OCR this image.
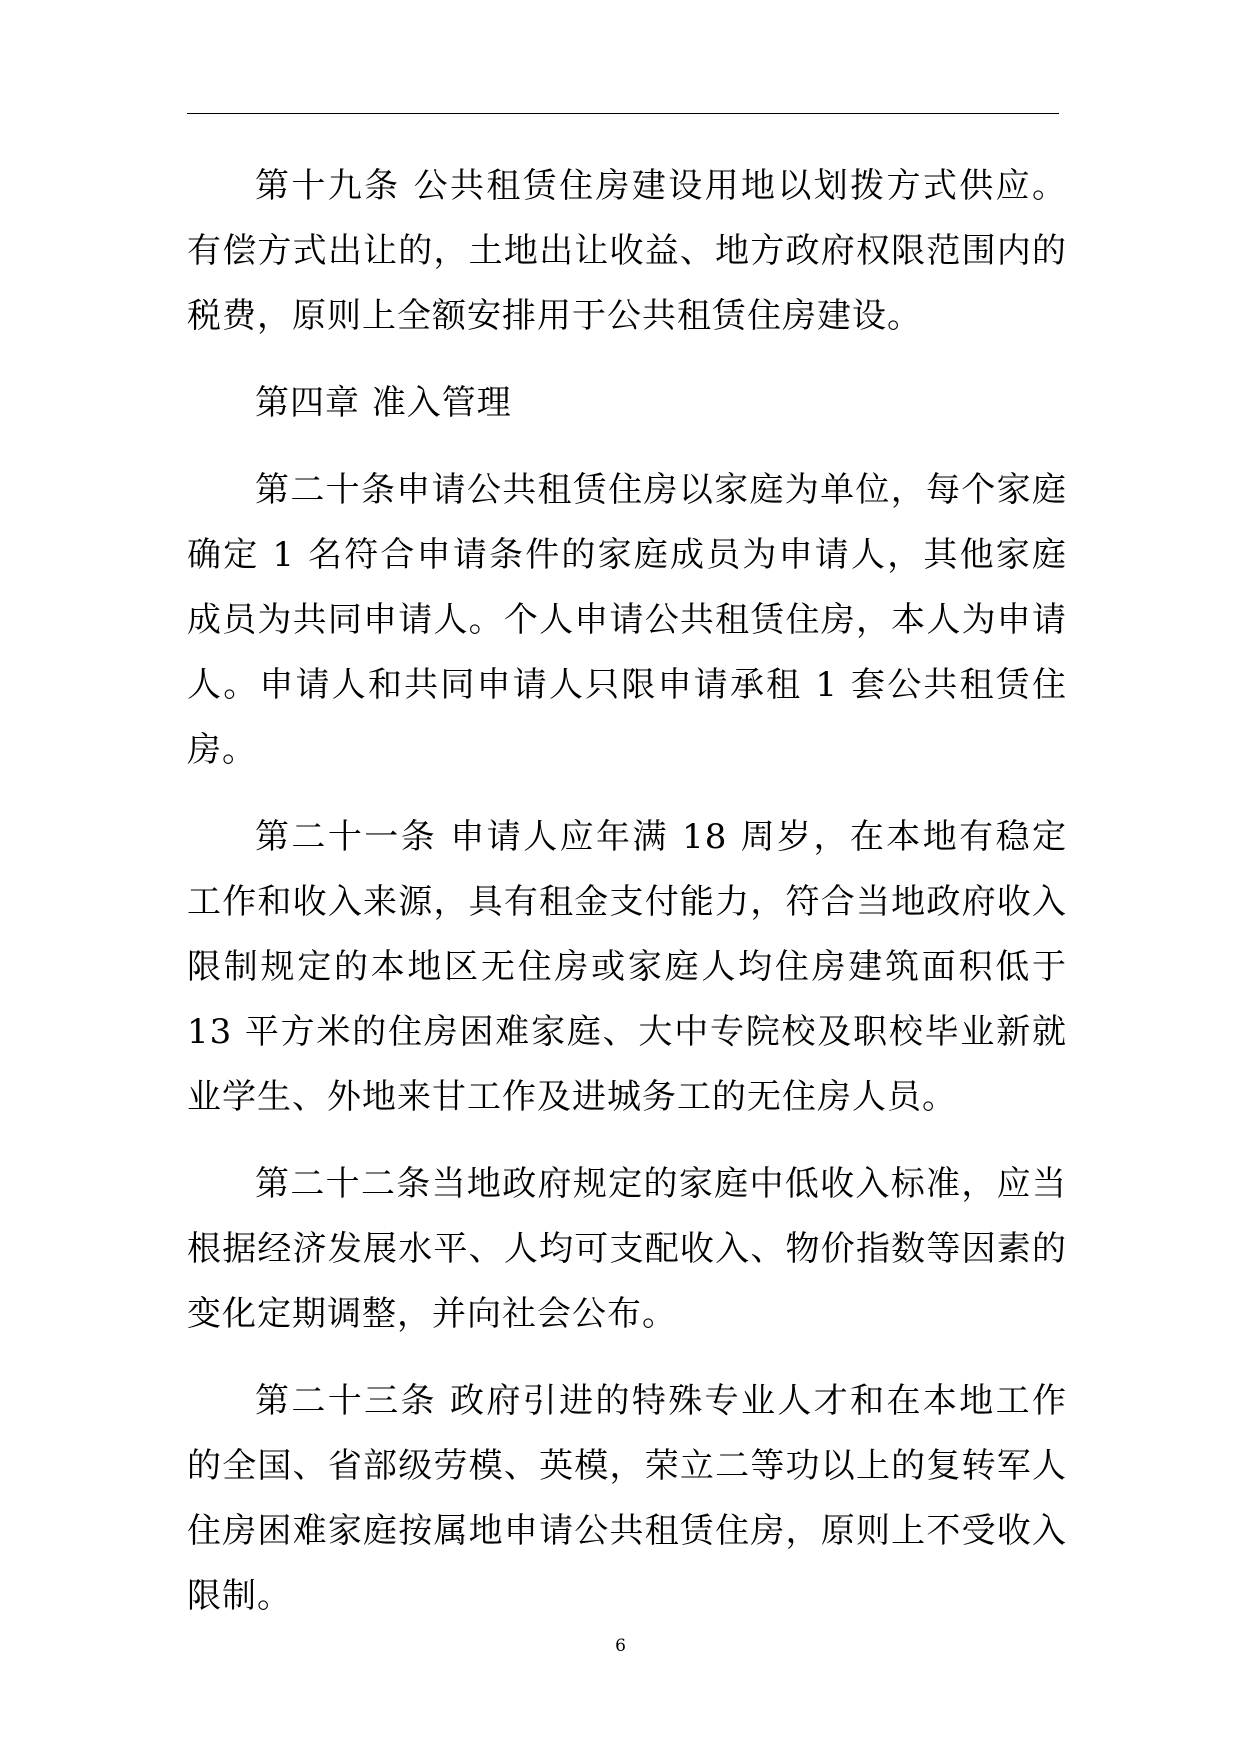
第十九条 公共租赁住房建设用地以划拨方式供应。有偿方式出让的，土地出让收益、地方政府权限范围内的税费，原则上全额安排用于公共租赁住房建设。

第四章 准入管理

第二十条申请公共租赁住房以家庭为单位，每个家庭确定 1 名符合申请条件的家庭成员为申请人，其他家庭成员为共同申请人。个人申请公共租赁住房，本人为申请人。申请人和共同申请人只限申请承租 1 套公共租赁住房。

第二十一条 申请人应年满 18 周岁，在本地有稳定工作和收入来源，具有租金支付能力，符合当地政府收入限制规定的本地区无住房或家庭人均住房建筑面积低于 13 平方米的住房困难家庭、大中专院校及职校毕业新就业学生、外地来甘工作及进城务工的无住房人员。

第二十二条当地政府规定的家庭中低收入标准，应当根据经济发展水平、人均可支配收入、物价指数等因素的变化定期调整，并向社会公布。

第二十三条 政府引进的特殊专业人才和在本地工作的全国、省部级劳模、英模，荣立二等功以上的复转军人住房困难家庭按属地申请公共租赁住房，原则上不受收入限制。

6
